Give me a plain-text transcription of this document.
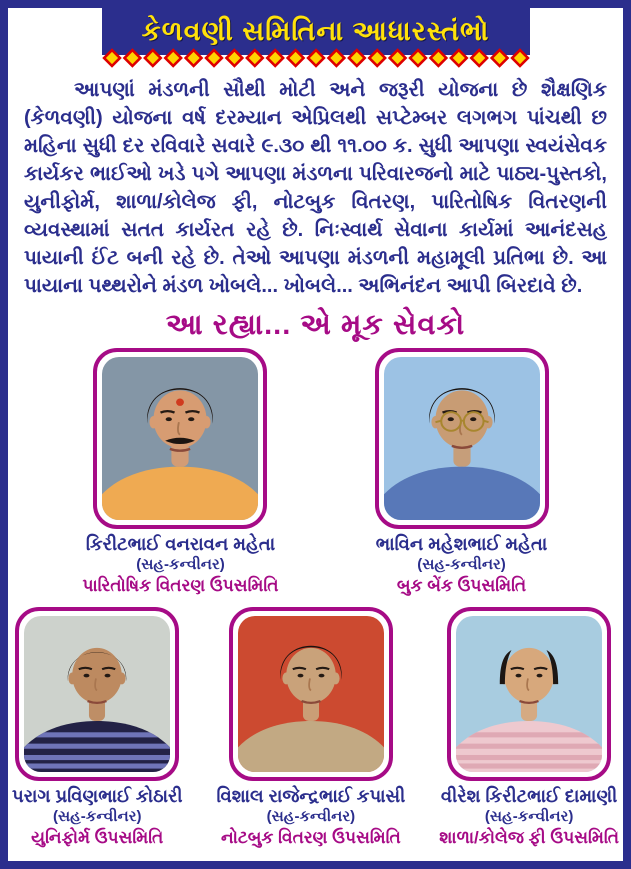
કેળવણી સમિતિના આધારસ્તંભો

આપણાં મંડળની સૌથી મોટી અને જરૂરી યોજના છે શૈક્ષણિક (કેળવણી) યોજના વર્ષ દરમ્યાન એપ્રિલથી સપ્ટેમ્બર લગભગ પાંચથી છ મહિના સુધી દર રવિવારે સવારે ૯.૩૦ થી ૧૧.૦૦ ક. સુધી આપણા સ્વયંસેવક કાર્યકર ભાઈઓ ખડે પગે આપણા મંડળના પરિવારજનો માટે પાઠ્ય-પુસ્તકો, યુનીફોર્મ, શાળા/કોલેજ ફી, નોટબુક વિતરણ, પારિતોષિક વિતરણની વ્યવસ્થામાં સતત કાર્યરત રહે છે. નિઃસ્વાર્થ સેવાના કાર્યમાં આનંદસહ પાયાની ઈંટ બની રહે છે. તેઓ આપણા મંડળની મહામૂલી પ્રતિભા છે. આ પાયાના પથ્થરોને મંડળ ખોબલે... ખોબલે... અભિનંદન આપી બિરદાવે છે.

આ રહ્યા... એ મૂક સેવકો
કિરીટભાઈ વનરાવન મહેતા
(સહ-કન્વીનર)
પારિતોષિક વિતરણ ઉપસમિતિ
ભાવિન મહેશભાઈ મહેતા
(સહ-કન્વીનર)
બુક બેંક ઉપસમિતિ
પરાગ પ્રવિણભાઈ કોઠારી
(સહ-કન્વીનર)
યુનિફોર્મ ઉપસમિતિ
વિશાલ રાજેન્દ્રભાઈ કપાસી
(સહ-કન્વીનર)
નોટબુક વિતરણ ઉપસમિતિ
વીરેશ કિરીટભાઈ દામાણી
(સહ-કન્વીનર)
શાળા/કોલેજ ફી ઉપસમિતિ
